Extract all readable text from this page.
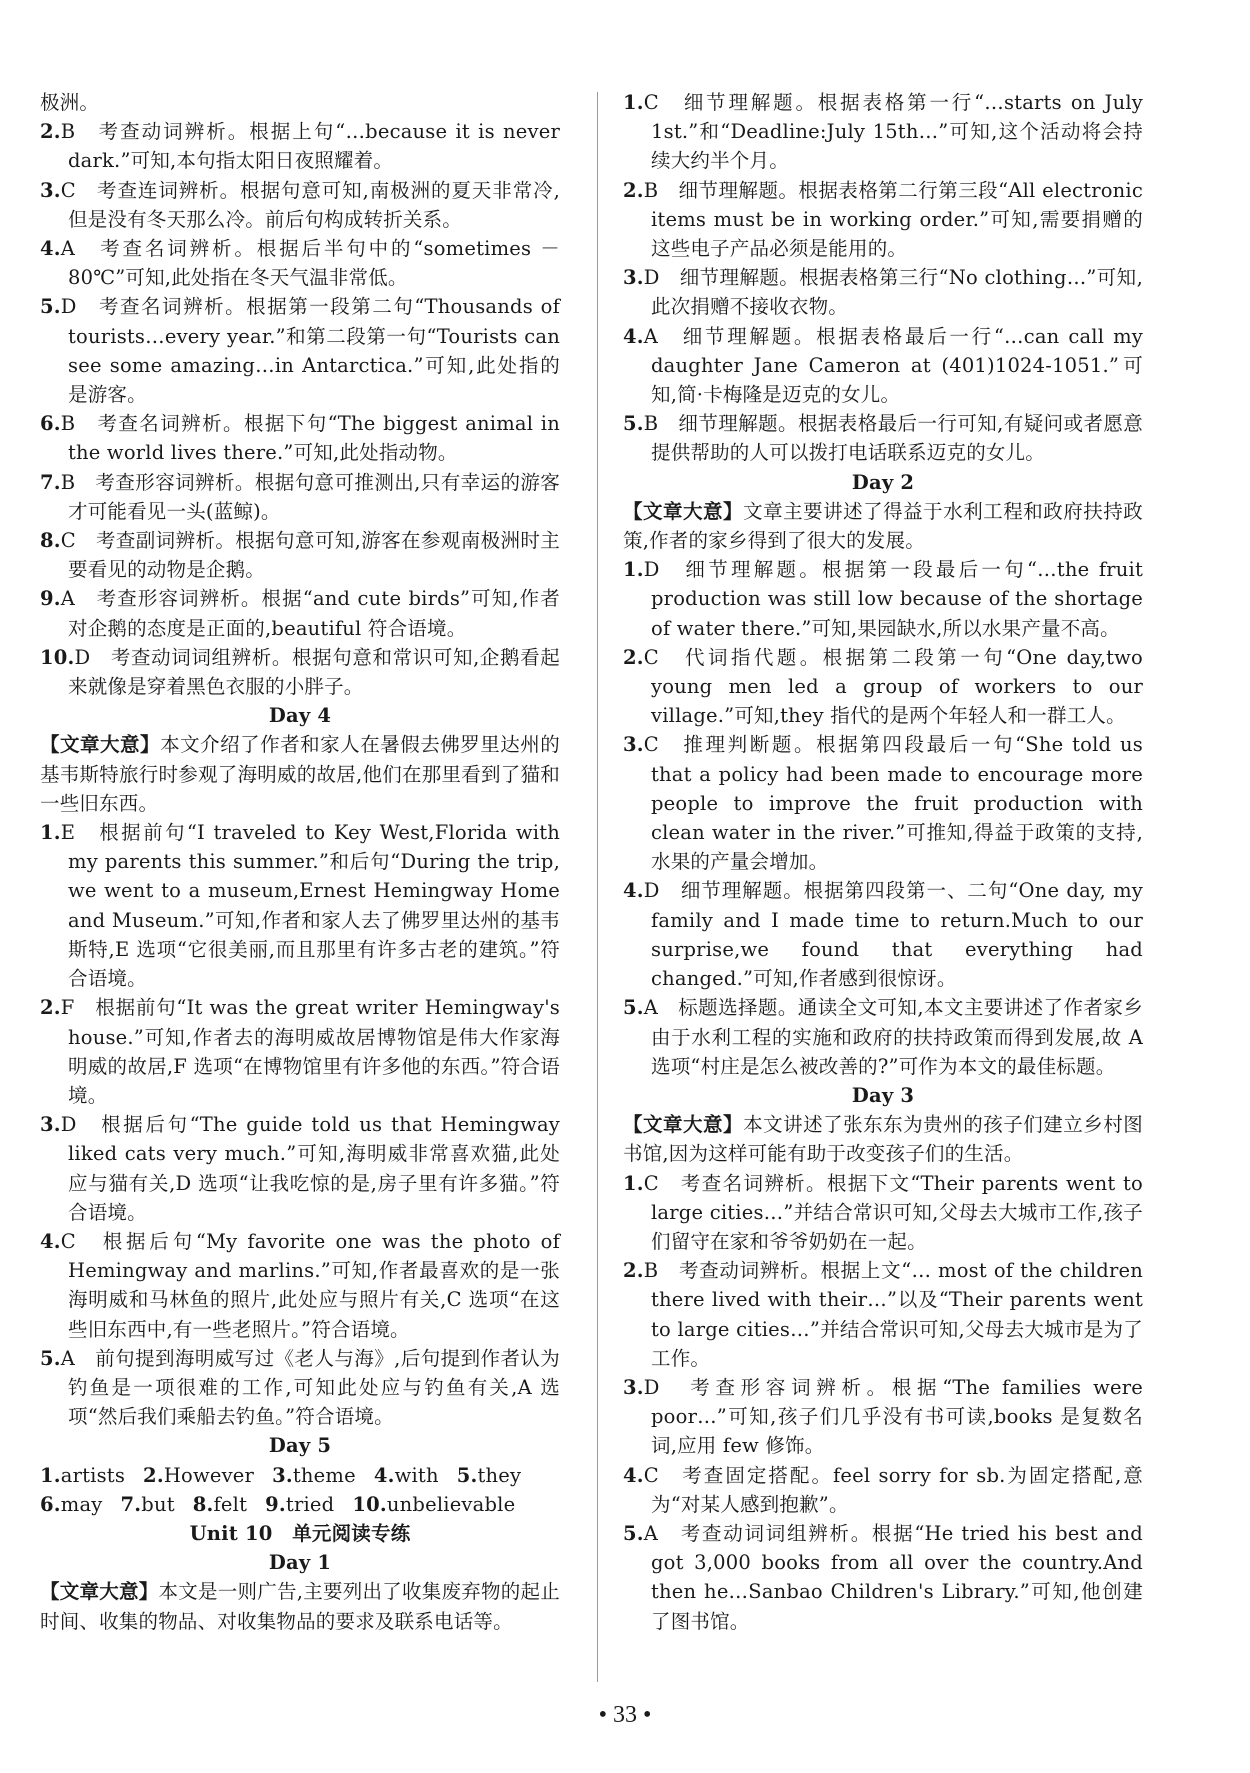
极洲。

2.B　考查动词辨析。根据上句“…because it is never dark.”可知,本句指太阳日夜照耀着。

3.C　考查连词辨析。根据句意可知,南极洲的夏天非常冷,但是没有冬天那么冷。前后句构成转折关系。

4.A　考查名词辨析。根据后半句中的“sometimes －80℃”可知,此处指在冬天气温非常低。

5.D　考查名词辨析。根据第一段第二句“Thousands of tourists…every year.”和第二段第一句“Tourists can see some amazing…in Antarctica.”可知,此处指的是游客。

6.B　考查名词辨析。根据下句“The biggest animal in the world lives there.”可知,此处指动物。

7.B　考查形容词辨析。根据句意可推测出,只有幸运的游客才可能看见一头(蓝鲸)。

8.C　考查副词辨析。根据句意可知,游客在参观南极洲时主要看见的动物是企鹅。

9.A　考查形容词辨析。根据“and cute birds”可知,作者对企鹅的态度是正面的,beautiful 符合语境。

10.D　考查动词词组辨析。根据句意和常识可知,企鹅看起来就像是穿着黑色衣服的小胖子。

Day 4

【文章大意】本文介绍了作者和家人在暑假去佛罗里达州的基韦斯特旅行时参观了海明威的故居,他们在那里看到了猫和一些旧东西。

1.E　根据前句“I traveled to Key West,Florida with my parents this summer.”和后句“During the trip, we went to a museum,Ernest Hemingway Home and Museum.”可知,作者和家人去了佛罗里达州的基韦斯特,E 选项“它很美丽,而且那里有许多古老的建筑。”符合语境。

2.F　根据前句“It was the great writer Hemingway's house.”可知,作者去的海明威故居博物馆是伟大作家海明威的故居,F 选项“在博物馆里有许多他的东西。”符合语境。

3.D　根据后句“The guide told us that Hemingway liked cats very much.”可知,海明威非常喜欢猫,此处应与猫有关,D 选项“让我吃惊的是,房子里有许多猫。”符合语境。

4.C　根据后句“My favorite one was the photo of Hemingway and marlins.”可知,作者最喜欢的是一张海明威和马林鱼的照片,此处应与照片有关,C 选项“在这些旧东西中,有一些老照片。”符合语境。

5.A　前句提到海明威写过《老人与海》,后句提到作者认为钓鱼是一项很难的工作,可知此处应与钓鱼有关,A 选项“然后我们乘船去钓鱼。”符合语境。

Day 5

1.artists 2.However 3.theme 4.with 5.they

6.may 7.but 8.felt 9.tried 10.unbelievable

Unit 10　单元阅读专练

Day 1

【文章大意】本文是一则广告,主要列出了收集废弃物的起止时间、收集的物品、对收集物品的要求及联系电话等。

1.C　细节理解题。根据表格第一行“…starts on July 1st.”和“Deadline:July 15th…”可知,这个活动将会持续大约半个月。

2.B　细节理解题。根据表格第二行第三段“All electronic items must be in working order.”可知,需要捐赠的这些电子产品必须是能用的。

3.D　细节理解题。根据表格第三行“No clothing…”可知,此次捐赠不接收衣物。

4.A　细节理解题。根据表格最后一行“…can call my daughter Jane Cameron at (401)1024-1051.”可知,简·卡梅隆是迈克的女儿。

5.B　细节理解题。根据表格最后一行可知,有疑问或者愿意提供帮助的人可以拨打电话联系迈克的女儿。

Day 2

【文章大意】文章主要讲述了得益于水利工程和政府扶持政策,作者的家乡得到了很大的发展。

1.D　细节理解题。根据第一段最后一句“…the fruit production was still low because of the shortage of water there.”可知,果园缺水,所以水果产量不高。

2.C　代词指代题。根据第二段第一句“One day,two young men led a group of workers to our village.”可知,they 指代的是两个年轻人和一群工人。

3.C　推理判断题。根据第四段最后一句“She told us that a policy had been made to encourage more people to improve the fruit production with clean water in the river.”可推知,得益于政策的支持,水果的产量会增加。

4.D　细节理解题。根据第四段第一、二句“One day, my family and I made time to return.Much to our surprise,we found that everything had changed.”可知,作者感到很惊讶。

5.A　标题选择题。通读全文可知,本文主要讲述了作者家乡由于水利工程的实施和政府的扶持政策而得到发展,故 A 选项“村庄是怎么被改善的?”可作为本文的最佳标题。

Day 3

【文章大意】本文讲述了张东东为贵州的孩子们建立乡村图书馆,因为这样可能有助于改变孩子们的生活。

1.C　考查名词辨析。根据下文“Their parents went to large cities…”并结合常识可知,父母去大城市工作,孩子们留守在家和爷爷奶奶在一起。

2.B　考查动词辨析。根据上文“… most of the children there lived with their…”以及“Their parents went to large cities…”并结合常识可知,父母去大城市是为了工作。

3.D　考查形容词辨析。根据“The families were poor…”可知,孩子们几乎没有书可读,books 是复数名词,应用 few 修饰。

4.C　考查固定搭配。feel sorry for sb.为固定搭配,意为“对某人感到抱歉”。

5.A　考查动词词组辨析。根据“He tried his best and got 3,000 books from all over the country.And then he…Sanbao Children's Library.”可知,他创建了图书馆。

• 33 •
